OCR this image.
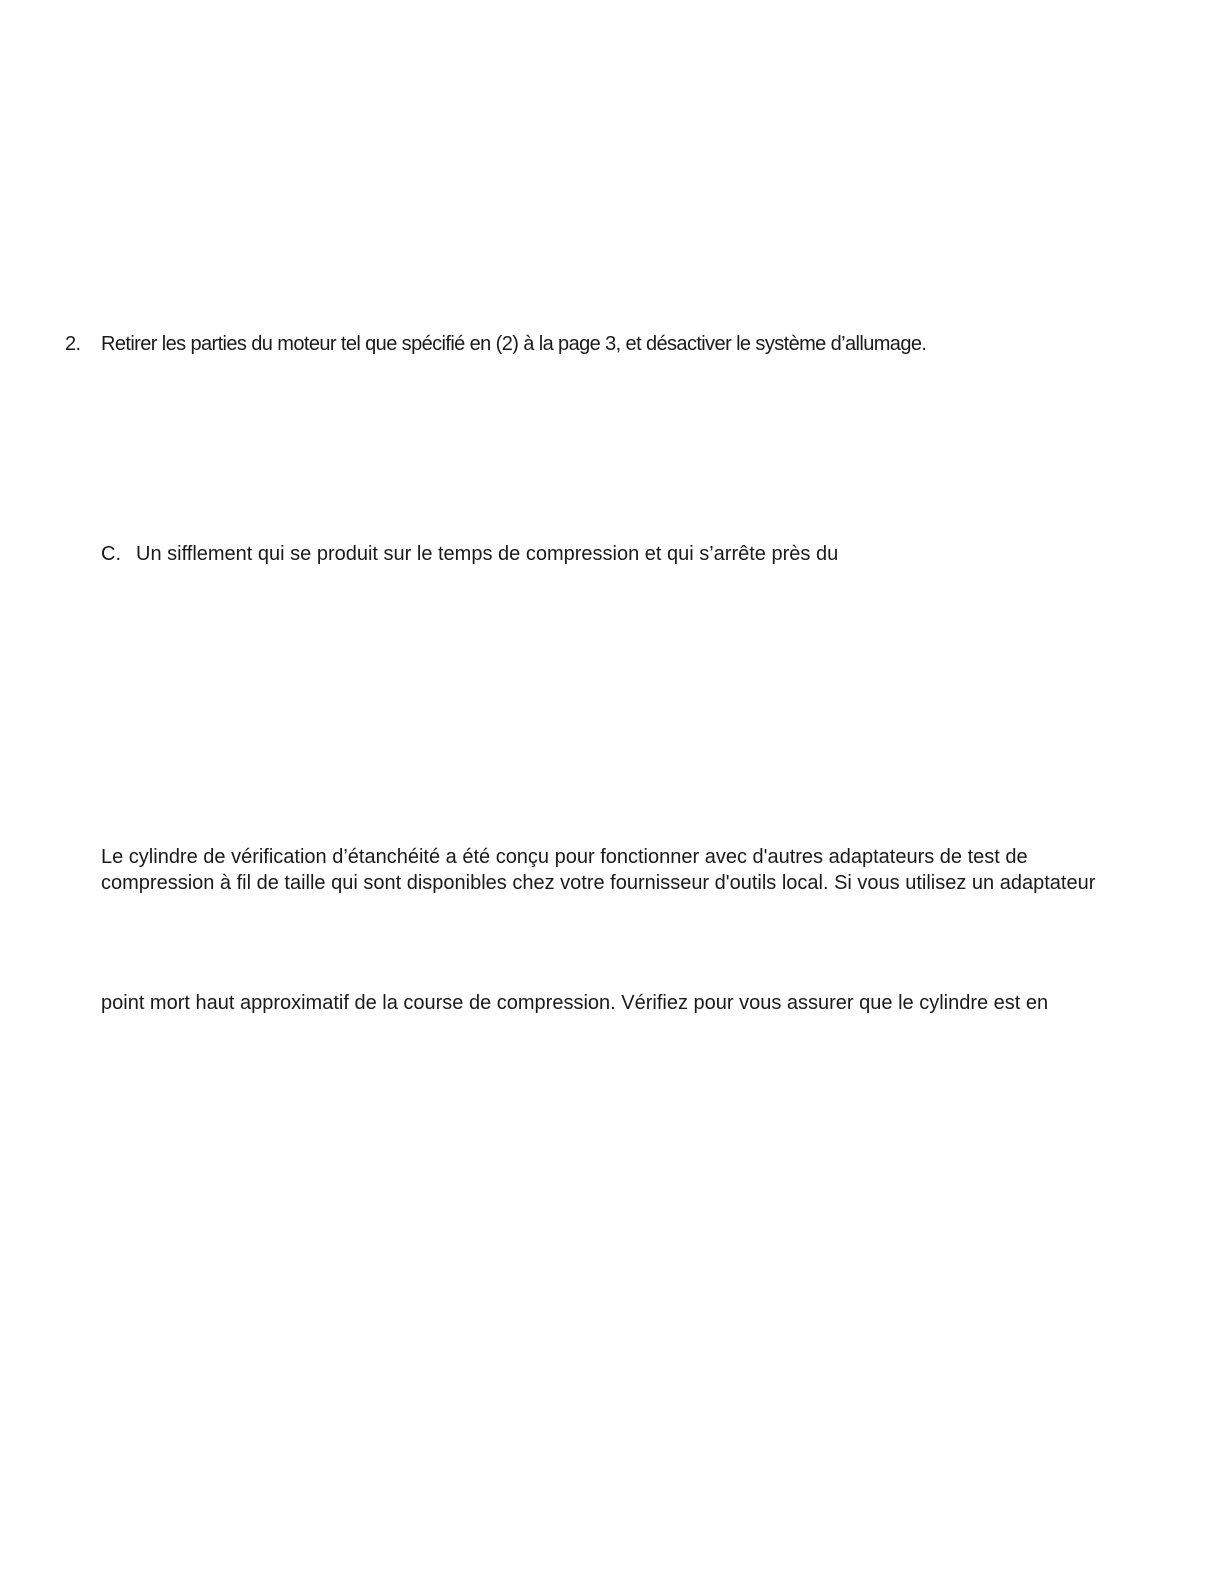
2. Retirer les parties du moteur tel que spécifié en (2) à la page 3, et désactiver le système d’allumage.
C. Un sifflement qui se produit sur le temps de compression et qui s’arrête près du
Le cylindre de vérification d’étanchéité a été conçu pour fonctionner avec d'autres adaptateurs de test de
compression à fil de taille qui sont disponibles chez votre fournisseur d'outils local. Si vous utilisez un adaptateur
point mort haut approximatif de la course de compression. Vérifiez pour vous assurer que le cylindre est en
